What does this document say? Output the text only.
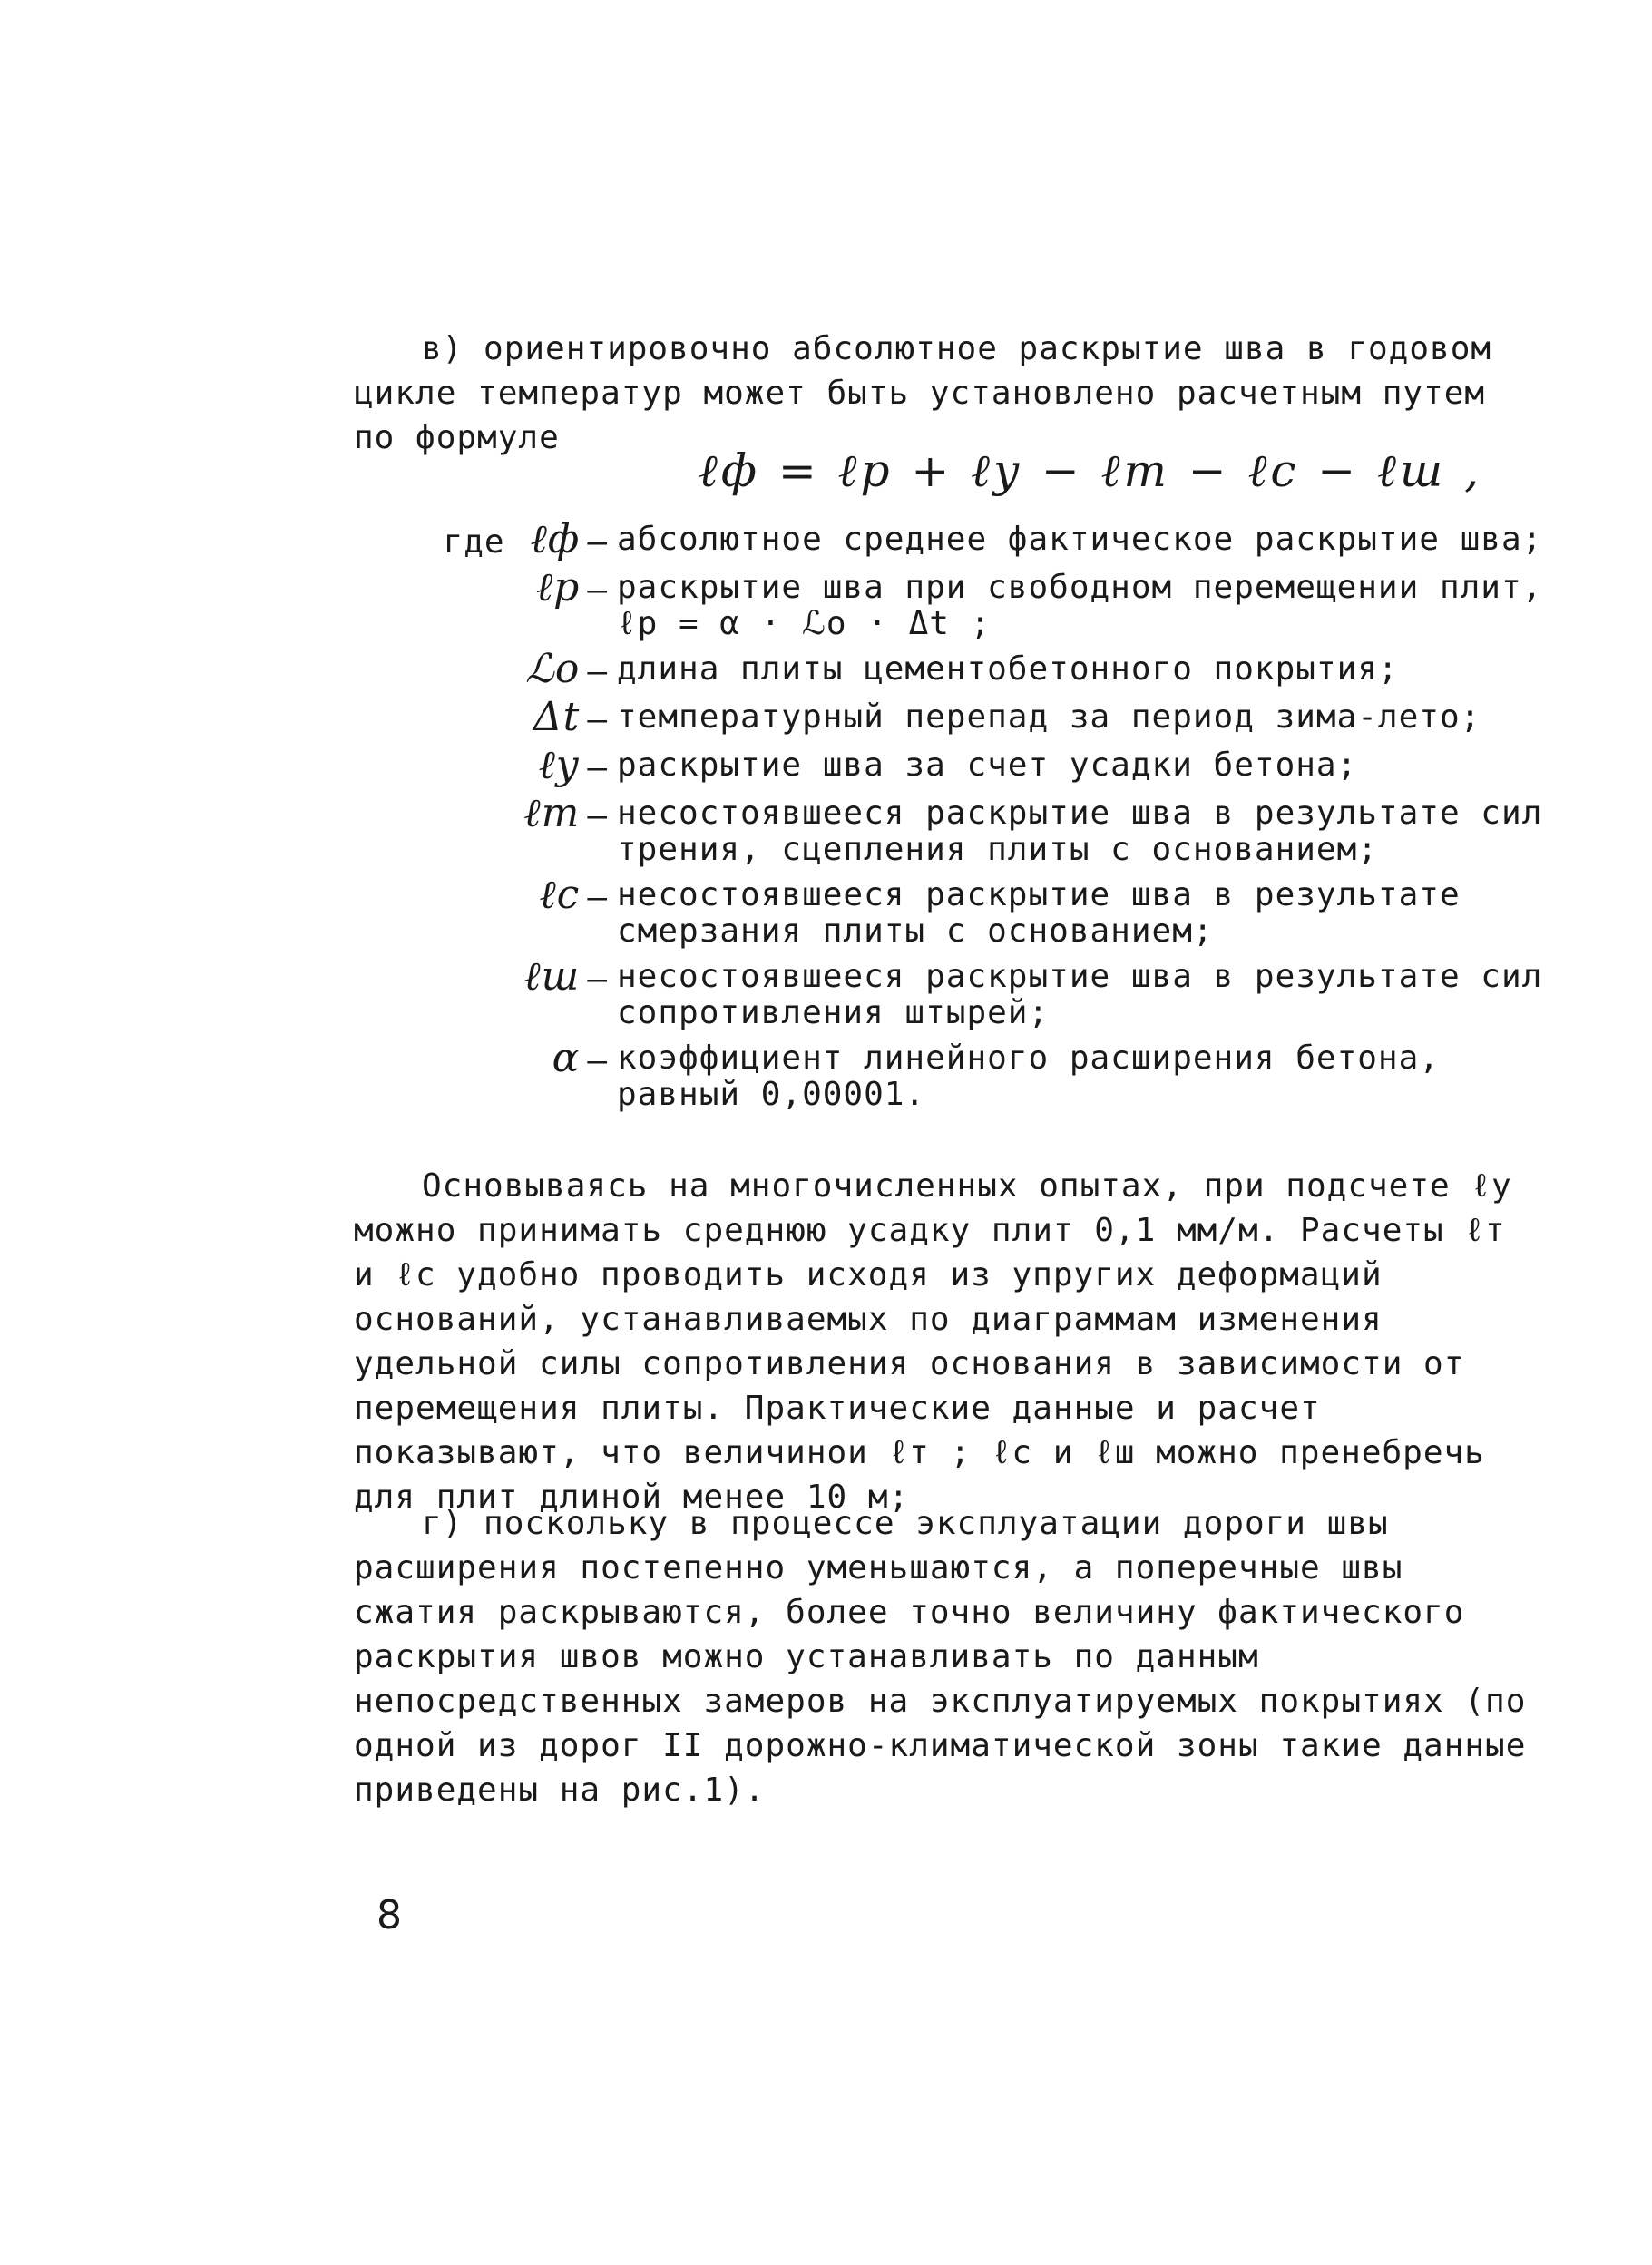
в) ориентировочно абсолютное раскрытие шва в годовом цикле температур может быть установлено расчетным путем по формуле

ℓф = ℓр + ℓу − ℓт − ℓс − ℓш ,
где ℓф – абсолютное среднее фактическое раскрытие шва;
ℓр – раскрытие шва при свободном перемещении плит, ℓр = α · ℒо · Δt ;
ℒо – длина плиты цементобетонного покрытия;
Δt – температурный перепад за период зима-лето;
ℓу – раскрытие шва за счет усадки бетона;
ℓт – несостоявшееся раскрытие шва в результате сил трения, сцепления плиты с основанием;
ℓс – несостоявшееся раскрытие шва в результате смерзания плиты с основанием;
ℓш – несостоявшееся раскрытие шва в результате сил сопротивления штырей;
α – коэффициент линейного расширения бетона, равный 0,00001.

Основываясь на многочисленных опытах, при подсчете ℓу можно принимать среднюю усадку плит 0,1 мм/м. Расчеты ℓт и ℓс удобно проводить исходя из упругих деформаций оснований, устанавливаемых по диаграммам изменения удельной силы сопротивления основания в зависимости от перемещения плиты. Практические данные и расчет показывают, что величинои ℓт ; ℓс и ℓш можно пренебречь для плит длиной менее 10 м;

г) поскольку в процессе эксплуатации дороги швы расширения постепенно уменьшаются, а поперечные швы сжатия раскрываются, более точно величину фактического раскрытия швов можно устанавливать по данным непосредственных замеров на эксплуатируемых покрытиях (по одной из дорог II дорожно-климатической зоны такие данные приведены на рис.1).

8
